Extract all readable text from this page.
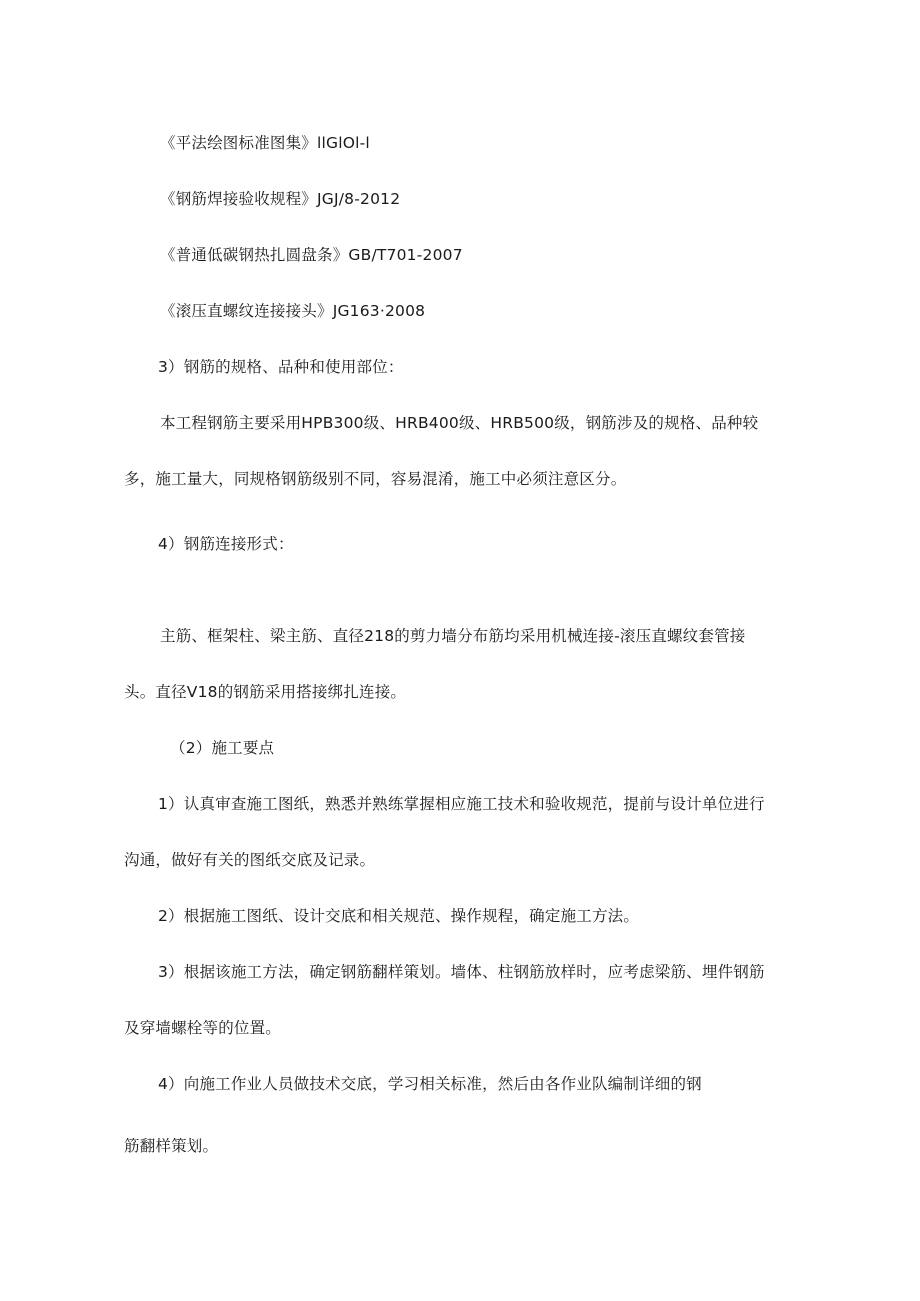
《平法绘图标准图集》llGlOl-l
《钢筋焊接验收规程》JGJ/8-2012
《普通低碳钢热扎圆盘条》GB/T701-2007
《滚压直螺纹连接接头》JG163·2008
3）钢筋的规格、品种和使用部位：
本工程钢筋主要采用HPB300级、HRB400级、HRB500级，钢筋涉及的规格、品种较
多，施工量大，同规格钢筋级别不同，容易混淆，施工中必须注意区分。
4）钢筋连接形式：
主筋、框架柱、梁主筋、直径218的剪力墙分布筋均采用机械连接-滚压直螺纹套管接
头。直径V18的钢筋采用搭接绑扎连接。
（2）施工要点
1）认真审查施工图纸，熟悉并熟练掌握相应施工技术和验收规范，提前与设计单位进行
沟通，做好有关的图纸交底及记录。
2）根据施工图纸、设计交底和相关规范、操作规程，确定施工方法。
3）根据该施工方法，确定钢筋翻样策划。墙体、柱钢筋放样时，应考虑梁筋、埋件钢筋
及穿墙螺栓等的位置。
4）向施工作业人员做技术交底，学习相关标准，然后由各作业队编制详细的钢
筋翻样策划。
